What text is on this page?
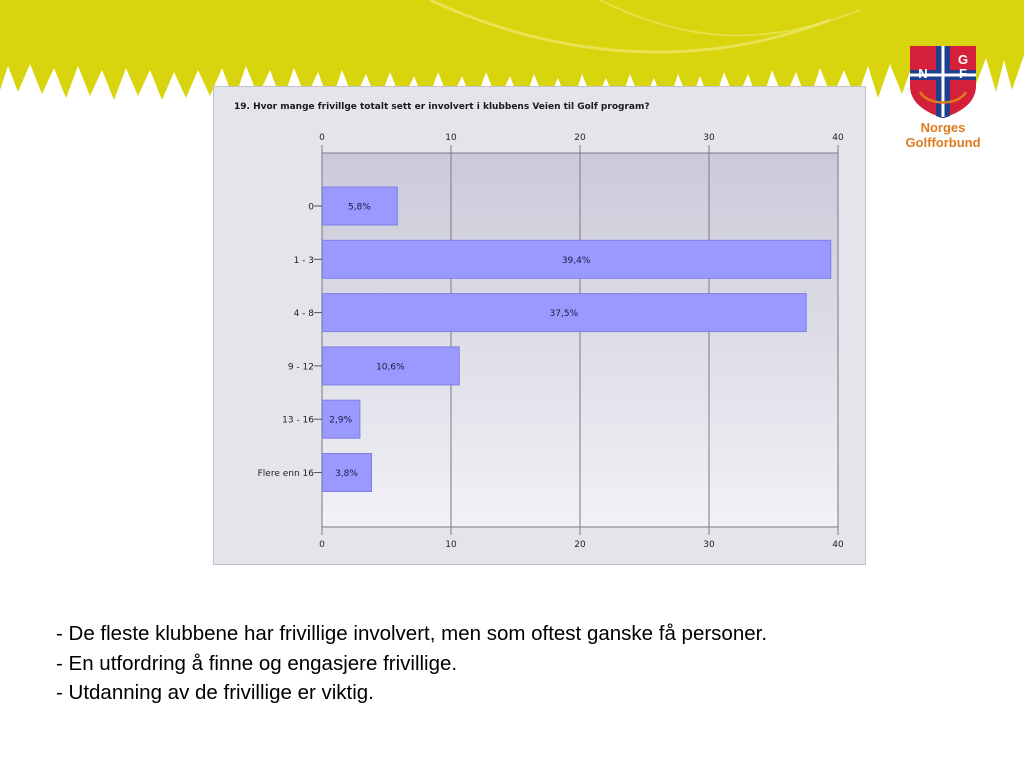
N
G
F
Norges
Golfforbund
19. Hvor mange frivillge totalt sett er involvert i klubbens Veien til Golf program?
0
0
10
10
20
20
30
30
40
40
0	5,8%
1 - 3	39,4%
4 - 8	37,5%
9 - 12	10,6%
13 - 16 2,9%
Flere enn 16 3,8%

- De fleste klubbene har frivillige involvert, men som oftest ganske få personer.

- En utfordring å finne og engasjere frivillige.

- Utdanning av de frivillige er viktig.
